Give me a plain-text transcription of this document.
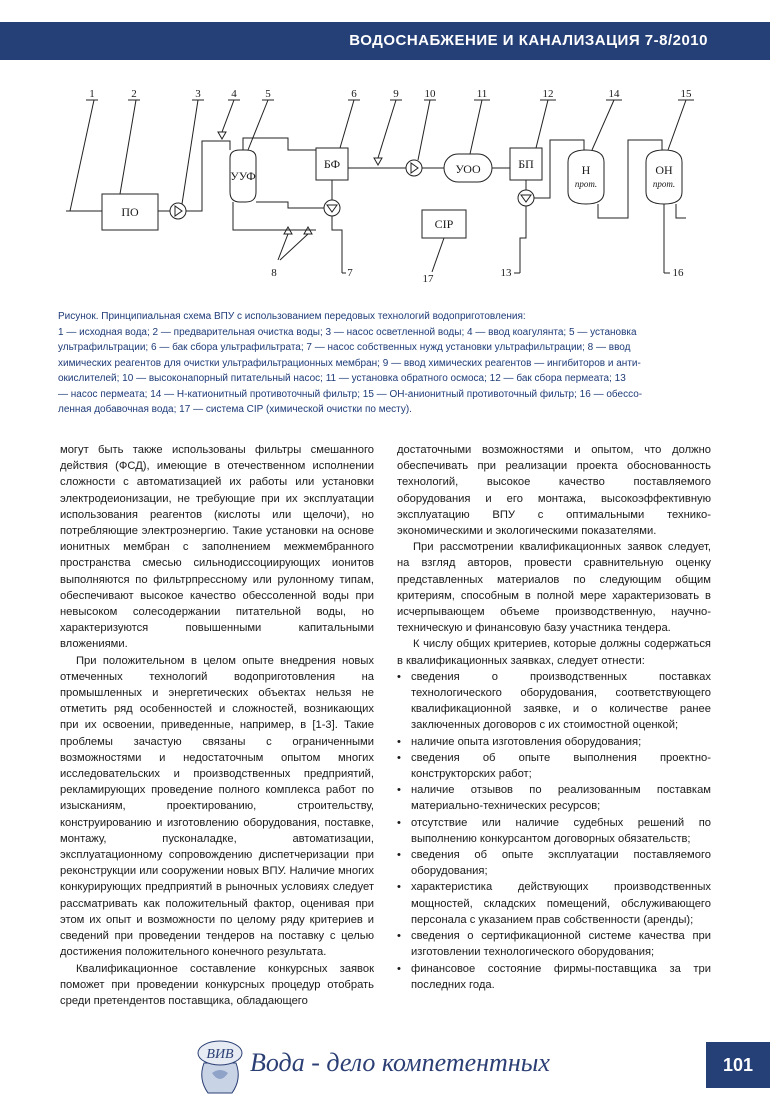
ВОДОСНАБЖЕНИЕ И КАНАЛИЗАЦИЯ 7-8/2010
ПО
УУФ
БФ	УОО	БП
CIP
Н
прот.
ОН
прот.
1	2	3	4	5	6	9 10	11	12	14	15
8	7	17	13	16
Рисунок. Принципиальная схема ВПУ с использованием передовых технологий водоприготовления:
1 — исходная вода; 2 — предварительная очистка воды; 3 — насос осветленной воды; 4 — ввод коагулянта; 5 — установка
ультрафильтрации; 6 — бак сбора ультрафильтрата; 7 — насос собственных нужд установки ультрафильтрации; 8 — ввод
химических реагентов для очистки ультрафильтрационных мембран; 9 — ввод химических реагентов — ингибиторов и анти-
окислителей; 10 — высоконапорный питательный насос; 11 — установка обратного осмоса; 12 — бак сбора пермеата; 13
— насос пермеата; 14 — Н-катионитный противоточный фильтр; 15 — ОН-анионитный противоточный фильтр; 16 — обессо-
ленная добавочная вода; 17 — система CIP (химической очистки по месту).

могут быть также использованы фильтры смешанного действия (ФСД), имеющие в отечественном исполнении сложности с автоматизацией их работы или установки электродеионизации, не требующие при их эксплуатации использования реагентов (кислоты или щелочи), но потребляющие электроэнергию. Такие установки на основе ионитных мембран с заполнением межмембранного пространства смесью сильнодиссоциирующих ионитов выполняются по фильтрпрессному или рулонному типам, обеспечивают высокое качество обессоленной воды при невысоком солесодержании питательной воды, но характеризуются повышенными капитальными вложениями.

При положительном в целом опыте внедрения новых отмеченных технологий водоприготовления на промышленных и энергетических объектах нельзя не отметить ряд особенностей и сложностей, возникающих при их освоении, приведенные, например, в [1-3]. Такие проблемы зачастую связаны с ограниченными возможностями и недостаточным опытом многих исследовательских и производственных предприятий, рекламирующих проведение полного комплекса работ по изысканиям, проектированию, строительству, конструированию и изготовлению оборудования, поставке, монтажу, пусконаладке, автоматизации, эксплуатационному сопровождению диспетчеризации при реконструкции или сооружении новых ВПУ. Наличие многих конкурирующих предприятий в рыночных условиях следует рассматривать как положительный фактор, оценивая при этом их опыт и возможности по целому ряду критериев и сведений при проведении тендеров на поставку с целью достижения положительного конечного результата.

Квалификационное составление конкурсных заявок поможет при проведении конкурсных процедур отобрать среди претендентов поставщика, обладающего

достаточными возможностями и опытом, что должно обеспечивать при реализации проекта обоснованность технологий, высокое качество поставляемого оборудования и его монтажа, высокоэффективную эксплуатацию ВПУ с оптимальными технико-экономическими и экологическими показателями.

При рассмотрении квалификационных заявок следует, на взгляд авторов, провести сравнительную оценку представленных материалов по следующим общим критериям, способным в полной мере характеризовать в исчерпывающем объеме производственную, научно-техническую и финансовую базу участника тендера.

К числу общих критериев, которые должны содержаться в квалификационных заявках, следует отнести:

• сведения о производственных поставках технологического оборудования, соответствующего квалификационной заявке, и о количестве ранее заключенных договоров с их стоимостной оценкой;
• наличие опыта изготовления оборудования;
• сведения об опыте выполнения проектно-конструкторских работ;
• наличие отзывов по реализованным поставкам материально-технических ресурсов;
• отсутствие или наличие судебных решений по выполнению конкурсантом договорных обязательств;
• сведения об опыте эксплуатации поставляемого оборудования;
• характеристика действующих производственных мощностей, складских помещений, обслуживающего персонала с указанием прав собственности (аренды);
• сведения о сертификационной системе качества при изготовлении технологического оборудования;
• финансовое состояние фирмы-поставщика за три последних года.
ВИВ Вода - дело компетентных	101
